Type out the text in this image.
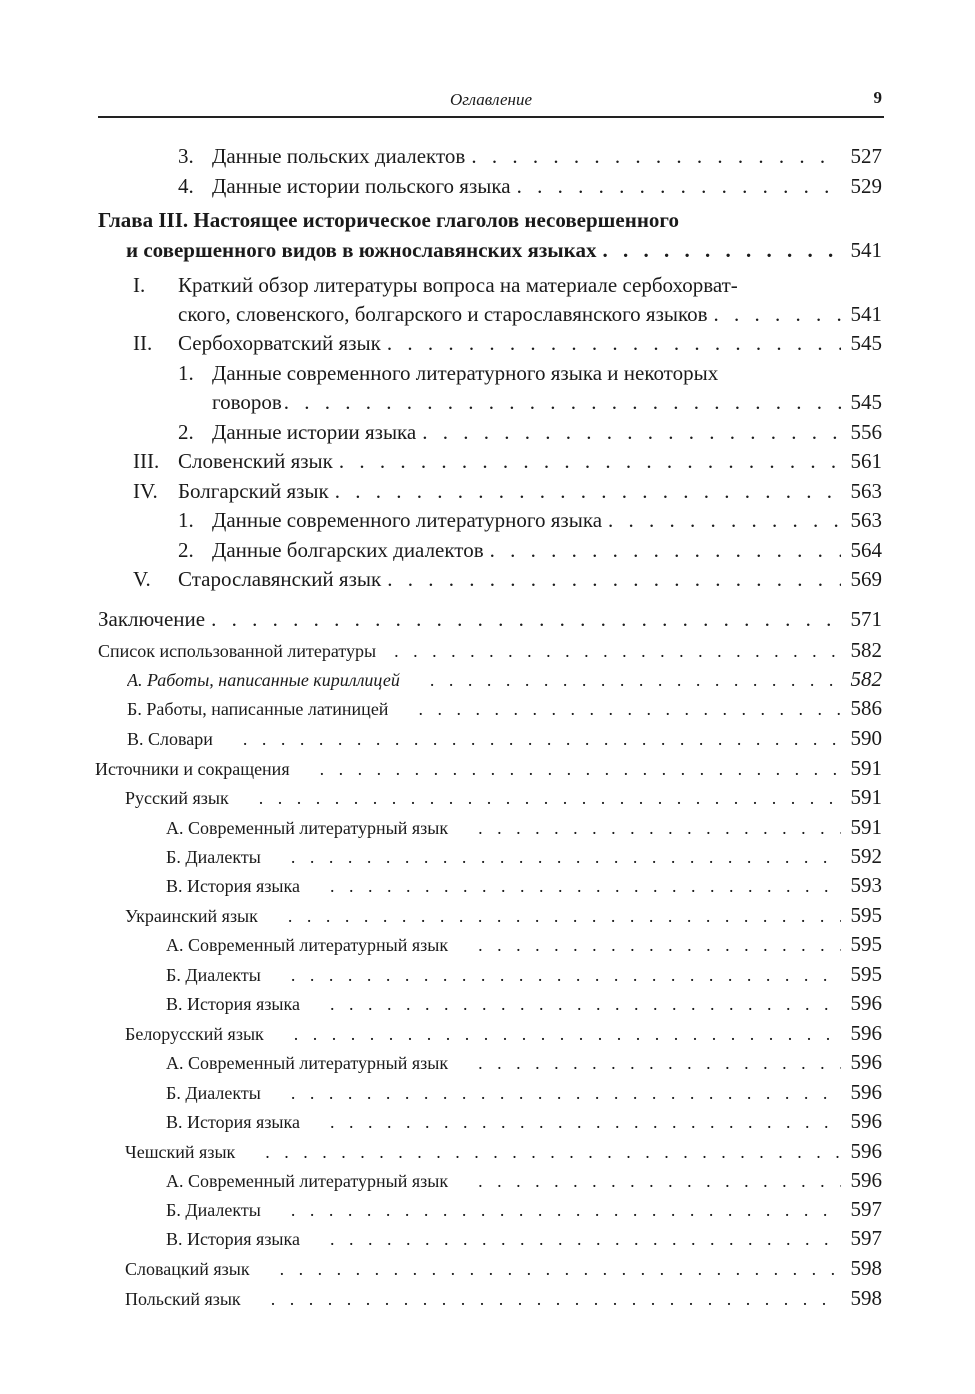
Оглавление	9
3. Данные польских диалектов . . .	527
4. Данные истории польского языка . . .	529
Глава III. Настоящее историческое глаголов несовершенного
и совершенного видов в южнославянских языках . . .	541
I. Краткий обзор литературы вопроса на материале сербохорват-
ского, словенского, болгарского и старославянского языков . . .	541
II. Сербохорватский язык . . .	545
1. Данные современного литературного языка и некоторых
говоров . . .	545
2. Данные истории языка . . .	556
III. Словенский язык . . .	561
IV. Болгарский язык . . .	563
1. Данные современного литературного языка . . .	563
2. Данные болгарских диалектов . . .	564
V. Старославянский язык . . .	569
Заключение . . .	571
Список использованной литературы . . .	582
А. Работы, написанные кириллицей . . .	582
Б. Работы, написанные латиницей . . .	586
В. Словари . . .	590
Источники и сокращения . . .	591
Русский язык . . .	591
А. Современный литературный язык . . .	591
Б. Диалекты . . .	592
В. История языка . . .	593
Украинский язык . . .	595
А. Современный литературный язык . . .	595
Б. Диалекты . . .	595
В. История языка . . .	596
Белорусский язык . . .	596
А. Современный литературный язык . . .	596
Б. Диалекты . . .	596
В. История языка . . .	596
Чешский язык . . .	596
А. Современный литературный язык . . .	596
Б. Диалекты . . .	597
В. История языка . . .	597
Словацкий язык . . .	598
Польский язык . . .	598
